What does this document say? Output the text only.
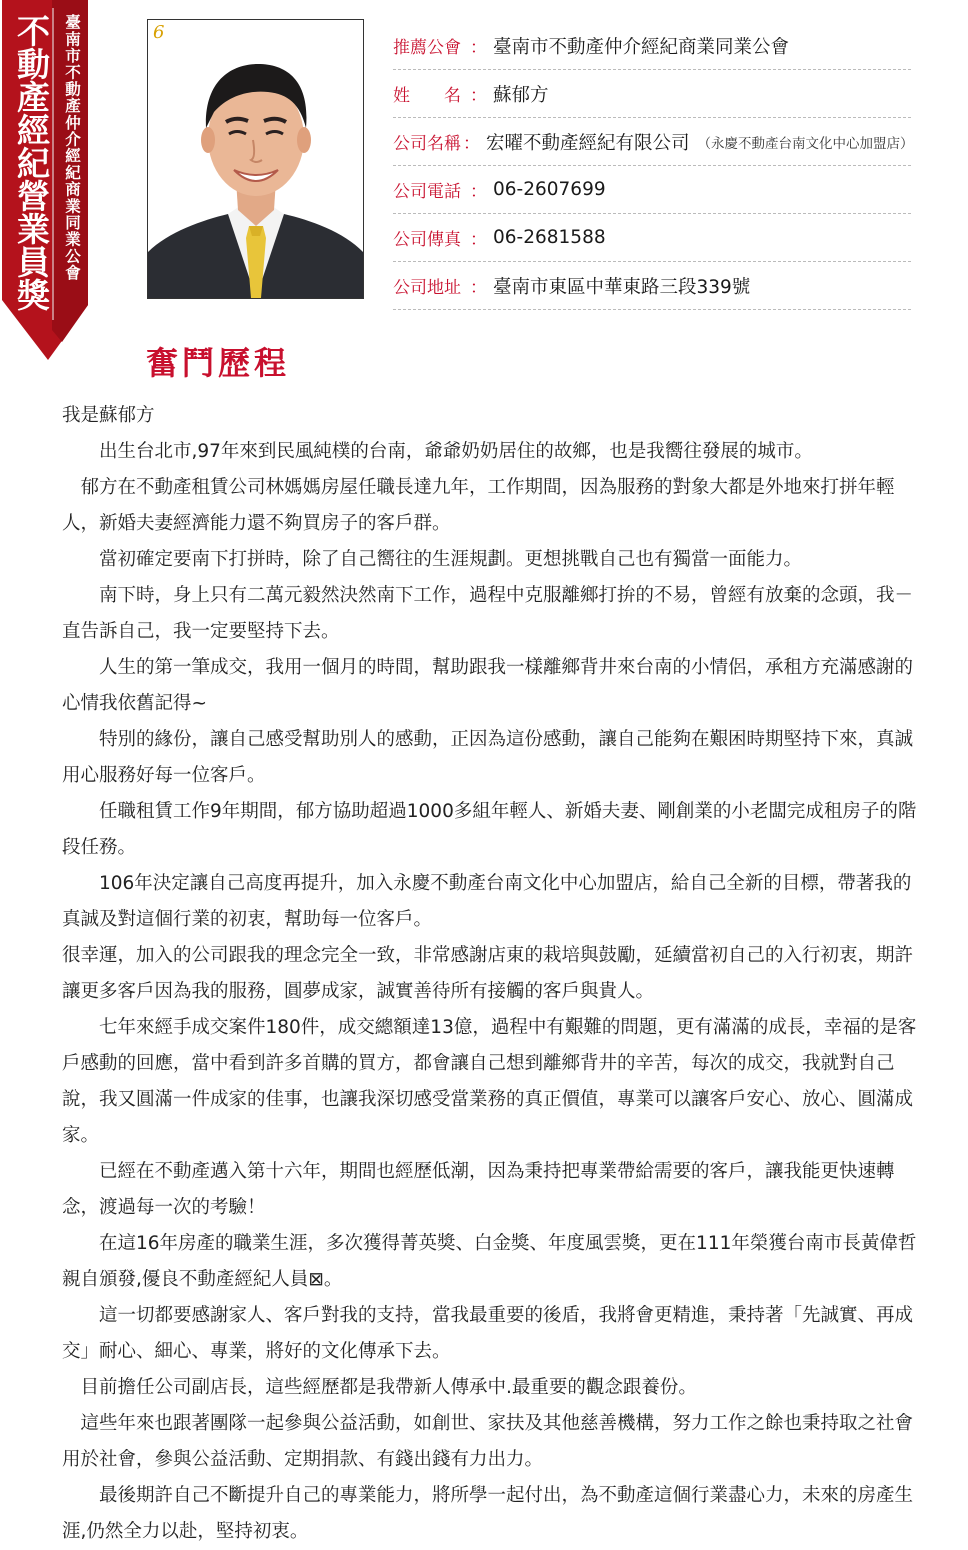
不動產經紀營業員獎 臺南市不動產仲介經紀商業同業公會	6
推薦公會 ： 臺南市不動產仲介經紀商業同業公會
姓　　名 ： 蘇郁方
公司名稱 ： 宏曜不動產經紀有限公司 （永慶不動產台南文化中心加盟店）
公司電話 ： 06-2607699
公司傳真 ： 06-2681588
公司地址 ： 臺南市東區中華東路三段339號
奮鬥歷程

我是蘇郁方

　　出生台北市,97年來到民風純樸的台南，爺爺奶奶居住的故鄉，也是我嚮往發展的城市。

　郁方在不動產租賃公司林媽媽房屋任職長達九年，工作期間，因為服務的對象大都是外地來打拼年輕人，新婚夫妻經濟能力還不夠買房子的客戶群。

　　當初確定要南下打拼時，除了自己嚮往的生涯規劃。更想挑戰自己也有獨當一面能力。

　　南下時，身上只有二萬元毅然決然南下工作，過程中克服離鄉打拚的不易，曾經有放棄的念頭，我－直告訴自己，我一定要堅持下去。

　　人生的第一筆成交，我用一個月的時間，幫助跟我一樣離鄉背井來台南的小情侶，承租方充滿感謝的心情我依舊記得~

　　特別的緣份，讓自己感受幫助別人的感動，正因為這份感動，讓自己能夠在艱困時期堅持下來，真誠用心服務好每一位客戶。

　　任職租賃工作9年期間，郁方協助超過1000多組年輕人、新婚夫妻、剛創業的小老闆完成租房子的階段任務。

　　106年決定讓自己高度再提升，加入永慶不動產台南文化中心加盟店，給自己全新的目標，帶著我的真誠及對這個行業的初衷，幫助每一位客戶。

很幸運，加入的公司跟我的理念完全一致，非常感謝店東的栽培與鼓勵，延續當初自己的入行初衷，期許讓更多客戶因為我的服務，圓夢成家，誠實善待所有接觸的客戶與貴人。

　　七年來經手成交案件180件，成交總額達13億，過程中有艱難的問題，更有滿滿的成長，幸福的是客戶感動的回應，當中看到許多首購的買方，都會讓自己想到離鄉背井的辛苦，每次的成交，我就對自己說，我又圓滿一件成家的佳事，也讓我深切感受當業務的真正價值，專業可以讓客戶安心、放心、圓滿成家。

　　已經在不動產邁入第十六年，期間也經歷低潮，因為秉持把專業帶給需要的客戶，讓我能更快速轉念，渡過每一次的考驗！

　　在這16年房產的職業生涯，多次獲得菁英獎、白金獎、年度風雲獎，更在111年榮獲台南市長黃偉哲親自頒發,優良不動產經紀人員⊠。

　　這一切都要感謝家人、客戶對我的支持，當我最重要的後盾，我將會更精進，秉持著「先誠實、再成交」耐心、細心、專業，將好的文化傳承下去。

　目前擔任公司副店長，這些經歷都是我帶新人傳承中.最重要的觀念跟養份。

　這些年來也跟著團隊一起參與公益活動，如創世、家扶及其他慈善機構，努力工作之餘也秉持取之社會用於社會，參與公益活動、定期捐款、有錢出錢有力出力。

　　最後期許自己不斷提升自己的專業能力，將所學一起付出，為不動產這個行業盡心力，未來的房產生涯,仍然全力以赴，堅持初衷。
